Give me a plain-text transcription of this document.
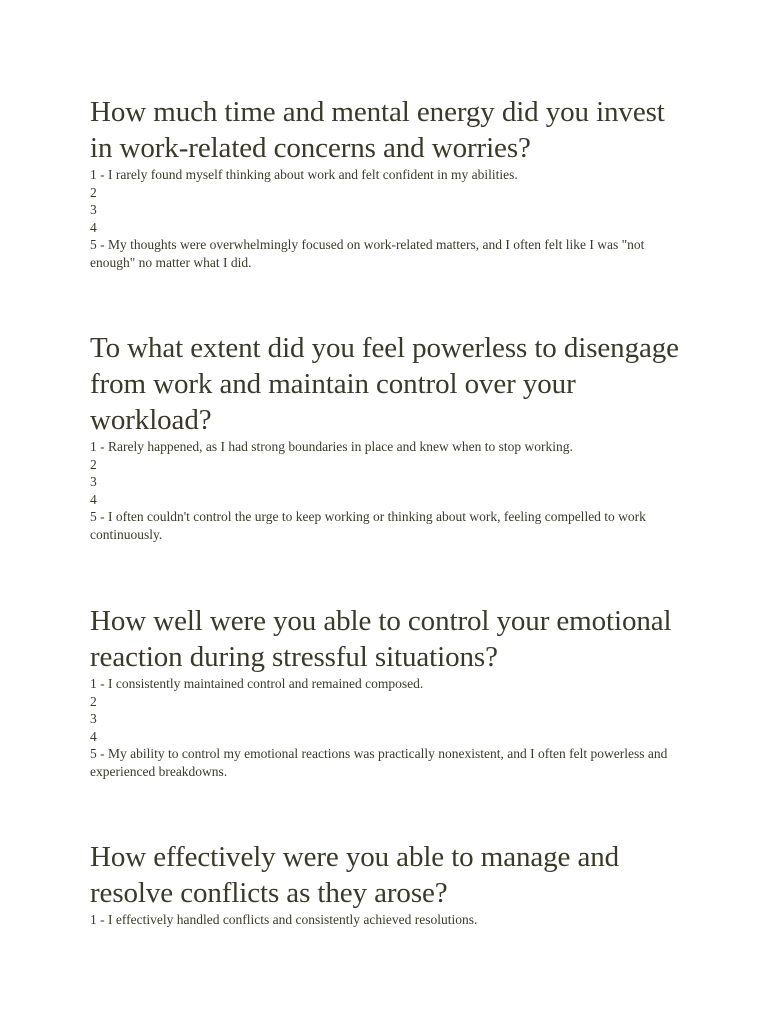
How much time and mental energy did you invest in work-related concerns and worries?
1 - I rarely found myself thinking about work and felt confident in my abilities.
2
3
4
5 - My thoughts were overwhelmingly focused on work-related matters, and I often felt like I was "not enough" no matter what I did.
To what extent did you feel powerless to disengage from work and maintain control over your workload?
1 - Rarely happened, as I had strong boundaries in place and knew when to stop working.
2
3
4
5 - I often couldn't control the urge to keep working or thinking about work, feeling compelled to work continuously.
How well were you able to control your emotional reaction during stressful situations?
1 - I consistently maintained control and remained composed.
2
3
4
5 - My ability to control my emotional reactions was practically nonexistent, and I often felt powerless and experienced breakdowns.
How effectively were you able to manage and resolve conflicts as they arose?
1 - I effectively handled conflicts and consistently achieved resolutions.
